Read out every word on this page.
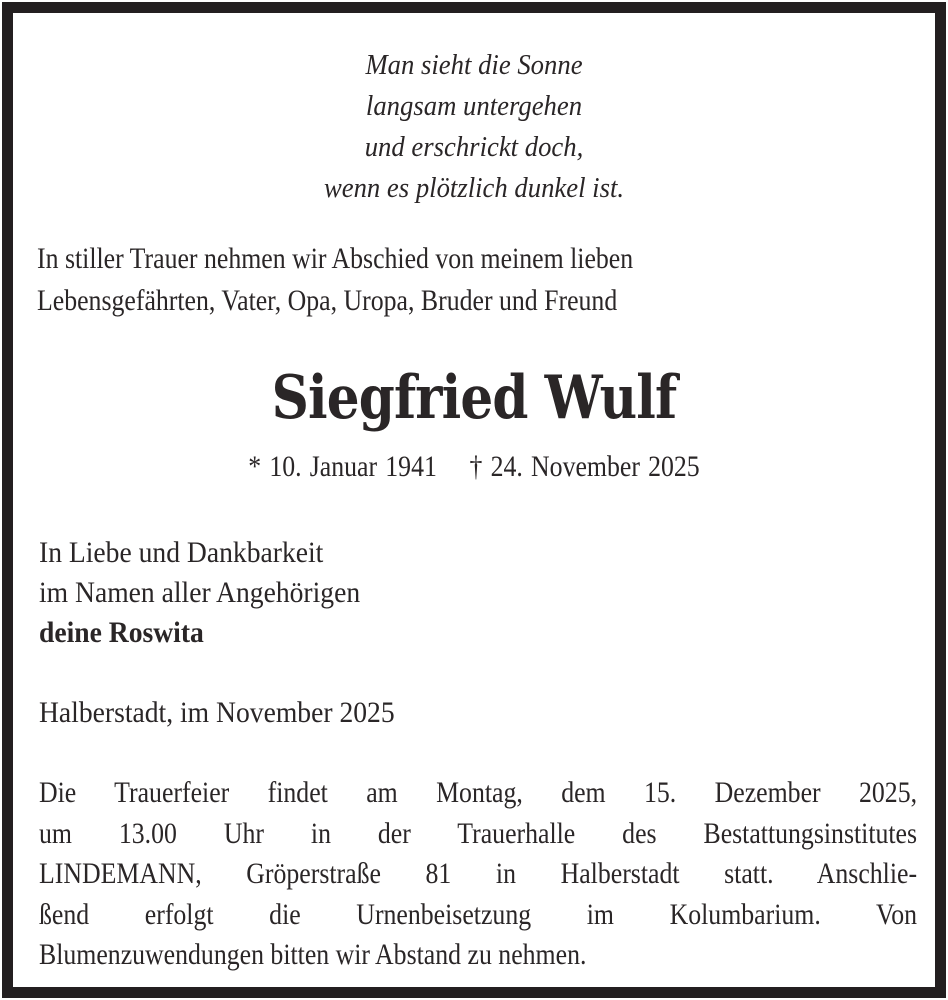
Man sieht die Sonne
langsam untergehen
und erschrickt doch,
wenn es plötzlich dunkel ist.
In stiller Trauer nehmen wir Abschied von meinem lieben
Lebensgefährten, Vater, Opa, Uropa, Bruder und Freund
Siegfried Wulf
* 10. Januar 1941 † 24. November 2025
In Liebe und Dankbarkeit
im Namen aller Angehörigen
deine Roswita
Halberstadt, im November 2025
Die Trauerfeier findet am Montag, dem 15. Dezember 2025,
um 13.00 Uhr in der Trauerhalle des Bestattungsinstitutes
LINDEMANN, Gröperstraße 81 in Halberstadt statt. Anschlie-
ßend erfolgt die Urnenbeisetzung im Kolumbarium. Von
Blumenzuwendungen bitten wir Abstand zu nehmen.
